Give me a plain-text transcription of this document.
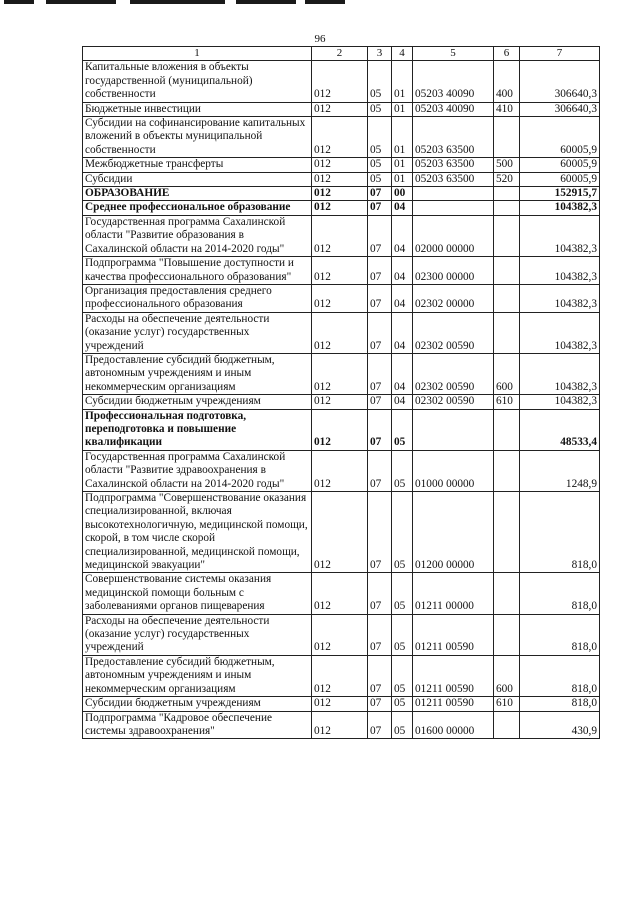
96
1	2	3	4	5	6	7
Капитальные вложения в объекты государственной (муниципальной) собственности	012	05	01	05203 40090	400	306640,3
Бюджетные инвестиции	012	05	01	05203 40090	410	306640,3
Субсидии на софинансирование капитальных вложений в объекты муниципальной собственности	012	05	01	05203 63500		60005,9
Межбюджетные трансферты	012	05	01	05203 63500	500	60005,9
Субсидии	012	05	01	05203 63500	520	60005,9
ОБРАЗОВАНИЕ	012	07	00			152915,7
Среднее профессиональное образование	012	07	04			104382,3
Государственная программа Сахалинской области "Развитие образования в Сахалинской области на 2014-2020 годы"	012	07	04	02000 00000		104382,3
Подпрограмма "Повышение доступности и качества профессионального образования"	012	07	04	02300 00000		104382,3
Организация предоставления среднего профессионального образования	012	07	04	02302 00000		104382,3
Расходы на обеспечение деятельности (оказание услуг) государственных учреждений	012	07	04	02302 00590		104382,3
Предоставление субсидий бюджетным, автономным учреждениям и иным некоммерческим организациям	012	07	04	02302 00590	600	104382,3
Субсидии бюджетным учреждениям	012	07	04	02302 00590	610	104382,3
Профессиональная подготовка, переподготовка и повышение квалификации	012	07	05			48533,4
Государственная программа Сахалинской области "Развитие здравоохранения в Сахалинской области на 2014-2020 годы"	012	07	05	01000 00000		1248,9
Подпрограмма "Совершенствование оказания специализированной, включая высокотехнологичную, медицинской помощи, скорой, в том числе скорой специализированной, медицинской помощи, медицинской эвакуации"	012	07	05	01200 00000		818,0
Совершенствование системы оказания медицинской помощи больным с заболеваниями органов пищеварения	012	07	05	01211 00000		818,0
Расходы на обеспечение деятельности (оказание услуг) государственных учреждений	012	07	05	01211 00590		818,0
Предоставление субсидий бюджетным, автономным учреждениям и иным некоммерческим организациям	012	07	05	01211 00590	600	818,0
Субсидии бюджетным учреждениям	012	07	05	01211 00590	610	818,0
Подпрограмма "Кадровое обеспечение системы здравоохранения"	012	07	05	01600 00000		430,9
